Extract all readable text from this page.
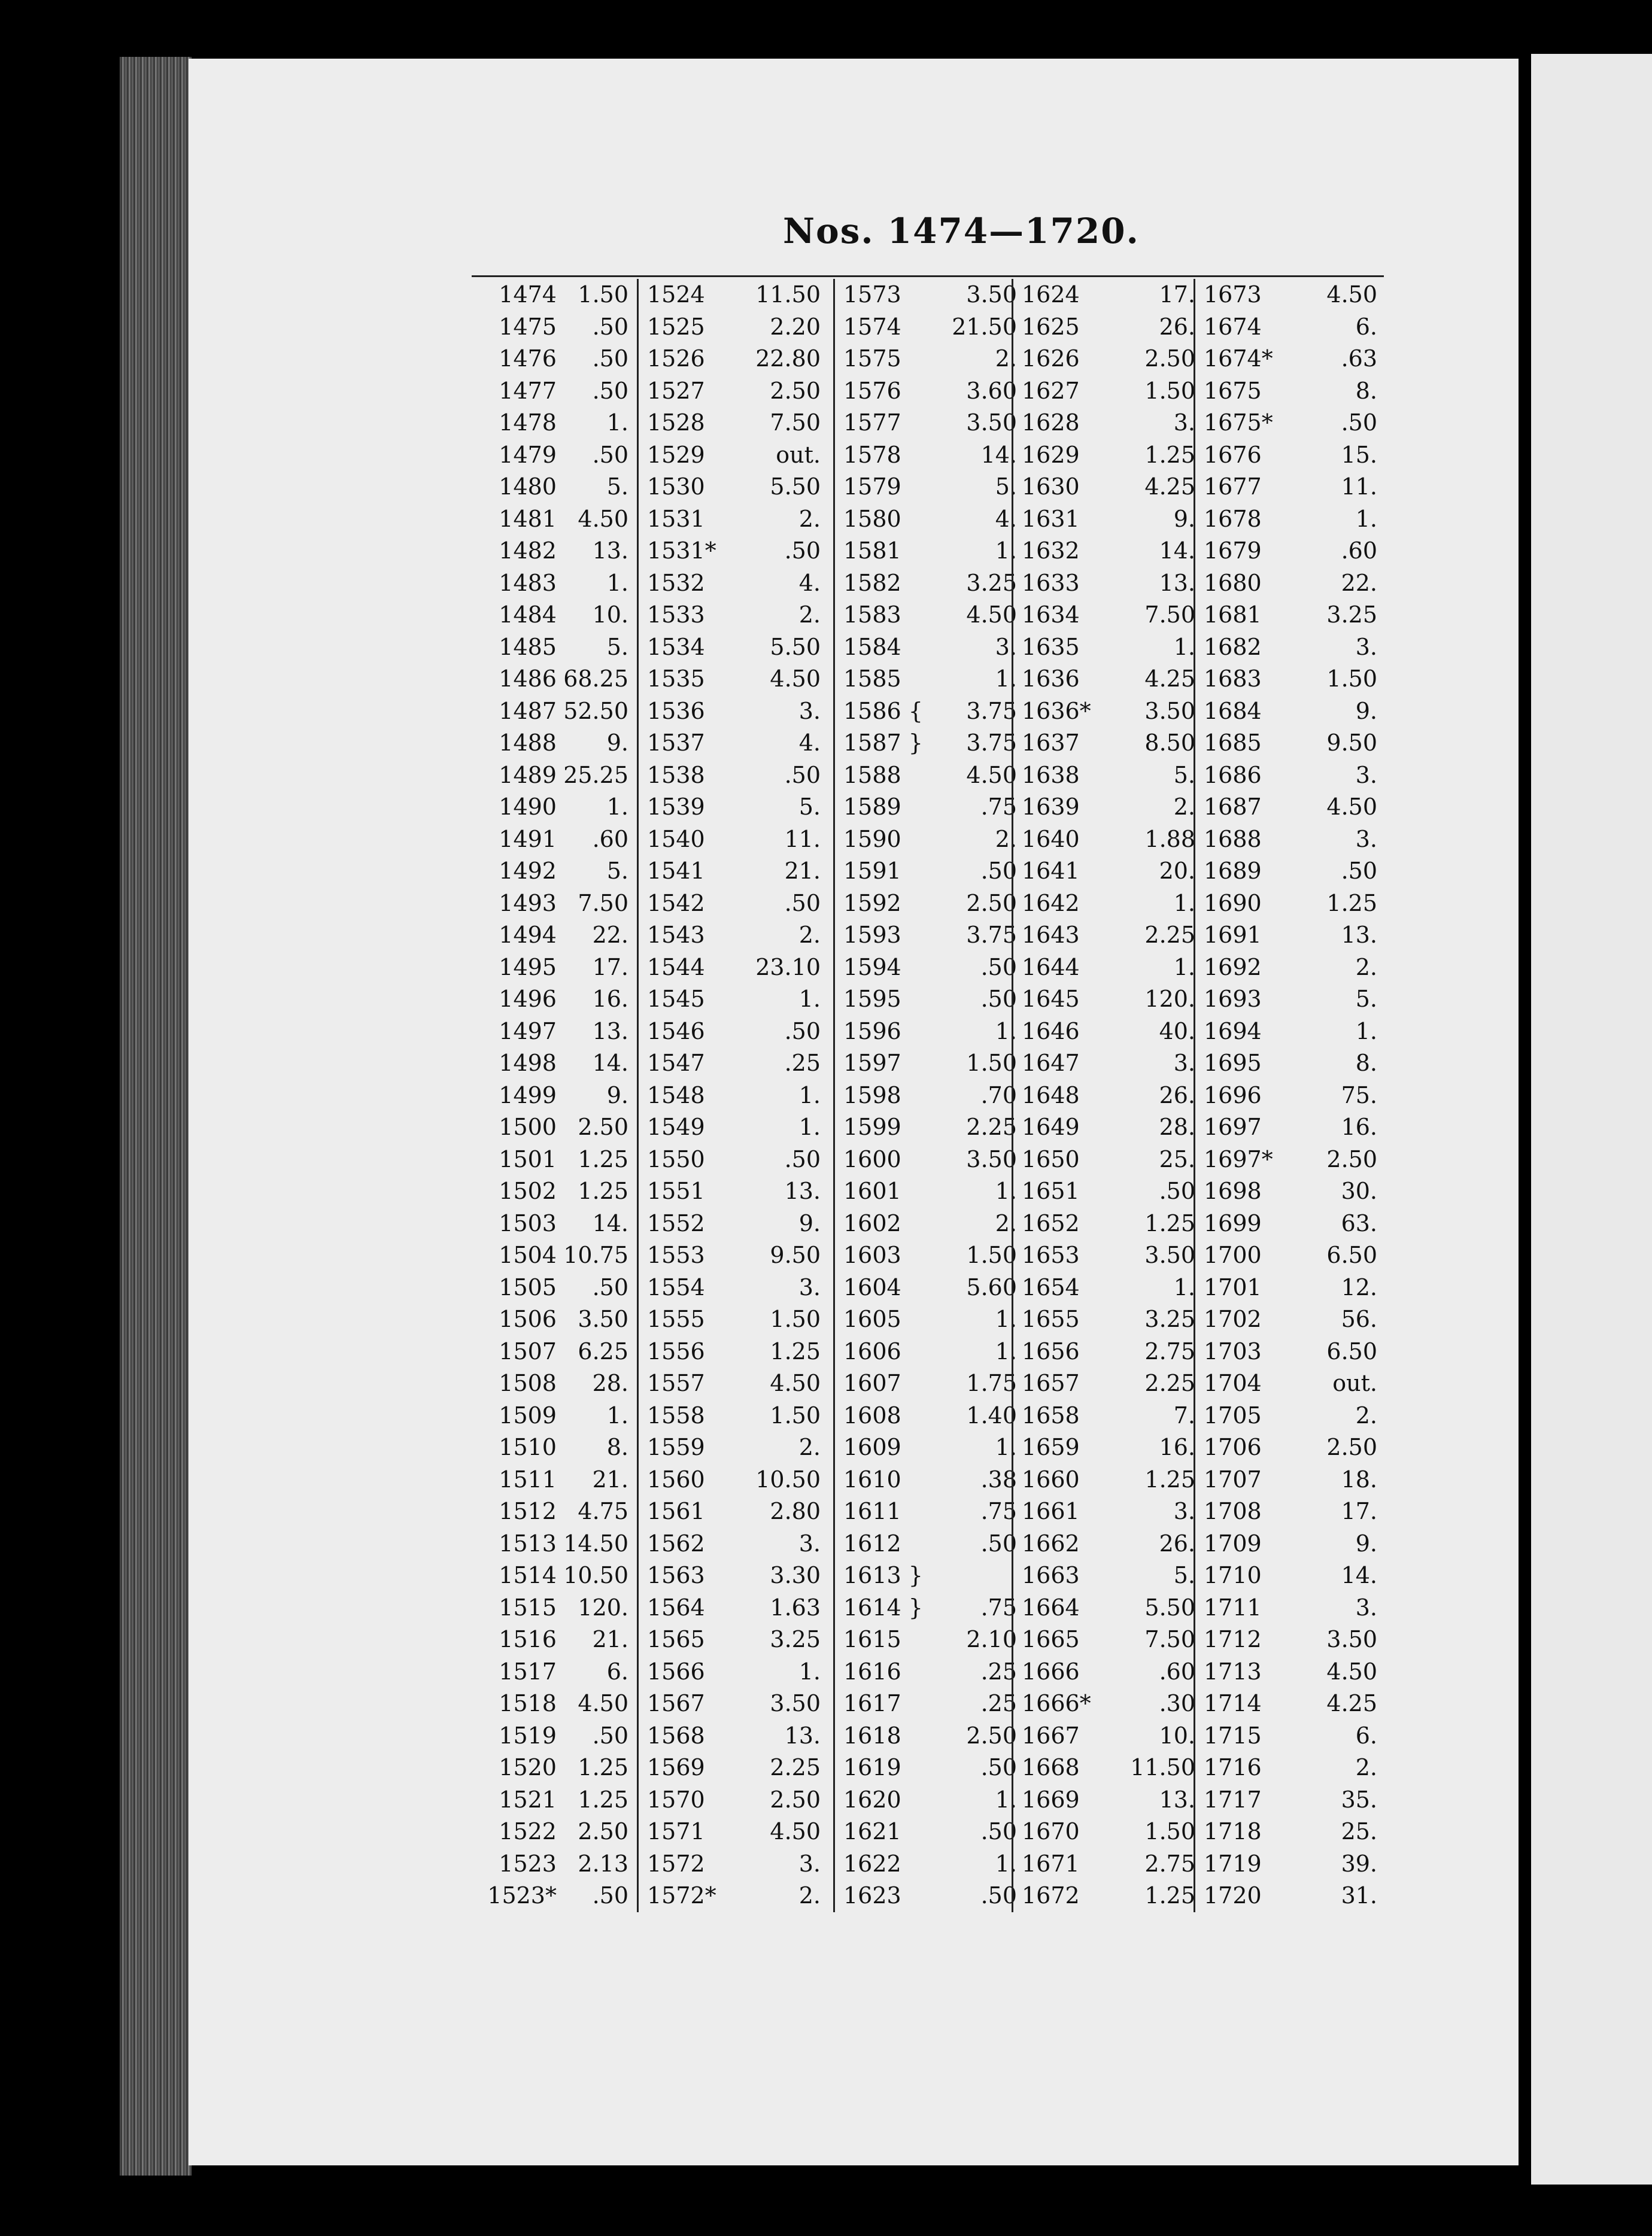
Nos. 1474—1720.
1474 1.50
1475	.50
1476	.50
1477	.50
1478	1.
1479	.50
1480	5.
1481 4.50
1482	13.
1483	1.
1484	10.
1485	5.
1486 68.25
1487 52.50
1488	9.
1489 25.25
1490	1.
1491	.60
1492	5.
1493 7.50
1494	22.
1495	17.
1496	16.
1497	13.
1498	14.
1499	9.
1500 2.50
1501 1.25
1502 1.25
1503	14.
1504 10.75
1505	.50
1506 3.50
1507 6.25
1508	28.
1509	1.
1510	8.
1511	21.
1512 4.75
1513 14.50
1514 10.50
1515 120.
1516	21.
1517	6.
1518 4.50
1519	.50
1520 1.25
1521 1.25
1522 2.50
1523 2.13
1523*	.50
1524	11.50
1525	2.20
1526	22.80
1527	2.50
1528	7.50
1529	out.
1530	5.50
1531	2.
1531*	.50
1532	4.
1533	2.
1534	5.50
1535	4.50
1536	3.
1537	4.
1538	.50
1539	5.
1540	11.
1541	21.
1542	.50
1543	2.
1544	23.10
1545	1.
1546	.50
1547	.25
1548	1.
1549	1.
1550	.50
1551	13.
1552	9.
1553	9.50
1554	3.
1555	1.50
1556	1.25
1557	4.50
1558	1.50
1559	2.
1560	10.50
1561	2.80
1562	3.
1563	3.30
1564	1.63
1565	3.25
1566	1.
1567	3.50
1568	13.
1569	2.25
1570	2.50
1571	4.50
1572	3.
1572*	2.
1573	3.50
1574	21.50
1575	2.
1576	3.60
1577	3.50
1578	14.
1579	5.
1580	4.
1581	1.
1582	3.25
1583	4.50
1584	3.
1585	1.
1586 {	3.75
1587 }	3.75
1588	4.50
1589	.75
1590	2.
1591	.50
1592	2.50
1593	3.75
1594	.50
1595	.50
1596	1.
1597	1.50
1598	.70
1599	2.25
1600	3.50
1601	1.
1602	2.
1603	1.50
1604	5.60
1605	1.
1606	1.
1607	1.75
1608	1.40
1609	1.
1610	.38
1611	.75
1612	.50
1613 }
1614 }	.75
1615	2.10
1616	.25
1617	.25
1618	2.50
1619	.50
1620	1.
1621	.50
1622	1.
1623	.50
1624	17.
1625	26.
1626	2.50
1627	1.50
1628	3.
1629	1.25
1630	4.25
1631	9.
1632	14.
1633	13.
1634	7.50
1635	1.
1636	4.25
1636*	3.50
1637	8.50
1638	5.
1639	2.
1640	1.88
1641	20.
1642	1.
1643	2.25
1644	1.
1645	120.
1646	40.
1647	3.
1648	26.
1649	28.
1650	25.
1651	.50
1652	1.25
1653	3.50
1654	1.
1655	3.25
1656	2.75
1657	2.25
1658	7.
1659	16.
1660	1.25
1661	3.
1662	26.
1663	5.
1664	5.50
1665	7.50
1666	.60
1666*	.30
1667	10.
1668	11.50
1669	13.
1670	1.50
1671	2.75
1672	1.25
1673	4.50
1674	6.
1674*	.63
1675	8.
1675*	.50
1676	15.
1677	11.
1678	1.
1679	.60
1680	22.
1681	3.25
1682	3.
1683	1.50
1684	9.
1685	9.50
1686	3.
1687	4.50
1688	3.
1689	.50
1690	1.25
1691	13.
1692	2.
1693	5.
1694	1.
1695	8.
1696	75.
1697	16.
1697*	2.50
1698	30.
1699	63.
1700	6.50
1701	12.
1702	56.
1703	6.50
1704	out.
1705	2.
1706	2.50
1707	18.
1708	17.
1709	9.
1710	14.
1711	3.
1712	3.50
1713	4.50
1714	4.25
1715	6.
1716	2.
1717	35.
1718	25.
1719	39.
1720	31.
